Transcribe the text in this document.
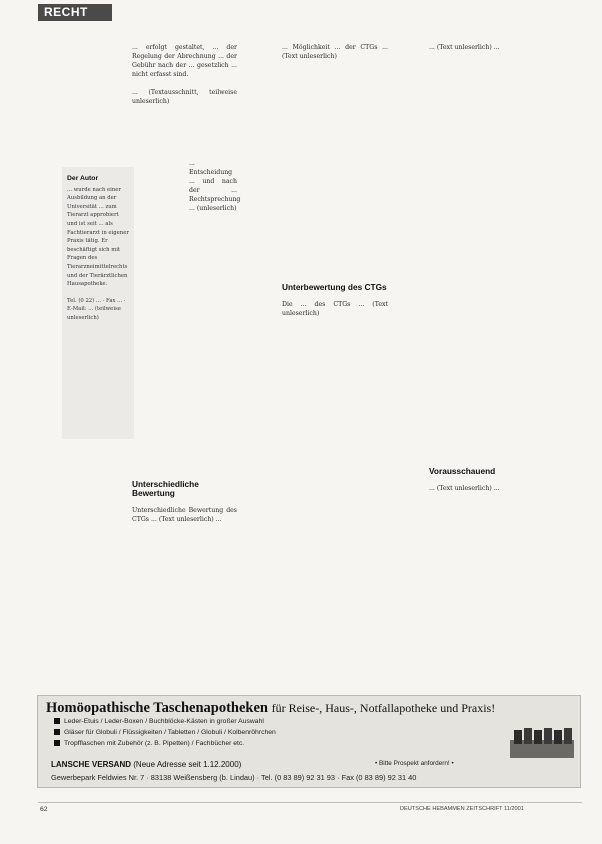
RECHT

... erfolgt gestaltet, ... der Regelung der Abrechnung ... der Gebühr nach der ... gesetzlich ... nicht erfasst sind.

... (Textausschnitt, teilweise unleserlich)

Der Autor

... wurde nach einer Ausbildung an der Universität ... zum Tierarzt approbiert und ist seit ... als Fachtierarzt in eigener Praxis tätig. Er beschäftigt sich mit Fragen des Tierarzneimittelrechts und der Tierärztlichen Hausapotheke.

Tel. (0 22) ... · Fax ... · E-Mail: ... (teilweise unleserlich)

... Entscheidung ... und nach der ... Rechtsprechung ... (unleserlich)

Unterschiedliche Bewertung

Unterschiedliche Bewertung des CTGs ... (Text unleserlich) ...

... Möglichkeit ... der CTGs ... (Text unleserlich)

Unterbewertung des CTGs

Die ... des CTGs ... (Text unleserlich)

... (Text unleserlich) ...

Vorausschauend

... (Text unleserlich) ...

Homöopathische Taschenapotheken für Reise-, Haus-, Notfallapotheke und Praxis!
Leder-Etuis / Leder-Boxen / Buchblöcke-Kästen in großer Auswahl
Gläser für Globuli / Flüssigkeiten / Tabletten / Globuli / Kolbenröhrchen
Tropfflaschen mit Zubehör (z. B. Pipetten) / Fachbücher etc.
LANSCHE VERSAND (Neue Adresse seit 1.12.2000)	• Bitte Prospekt anfordern! •
Gewerbepark Feldwies Nr. 7 · 83138 Weißensberg (b. Lindau) · Tel. (0 83 89) 92 31 93 · Fax (0 83 89) 92 31 40
62	DEUTSCHE HEBAMMEN ZEITSCHRIFT 11/2001
